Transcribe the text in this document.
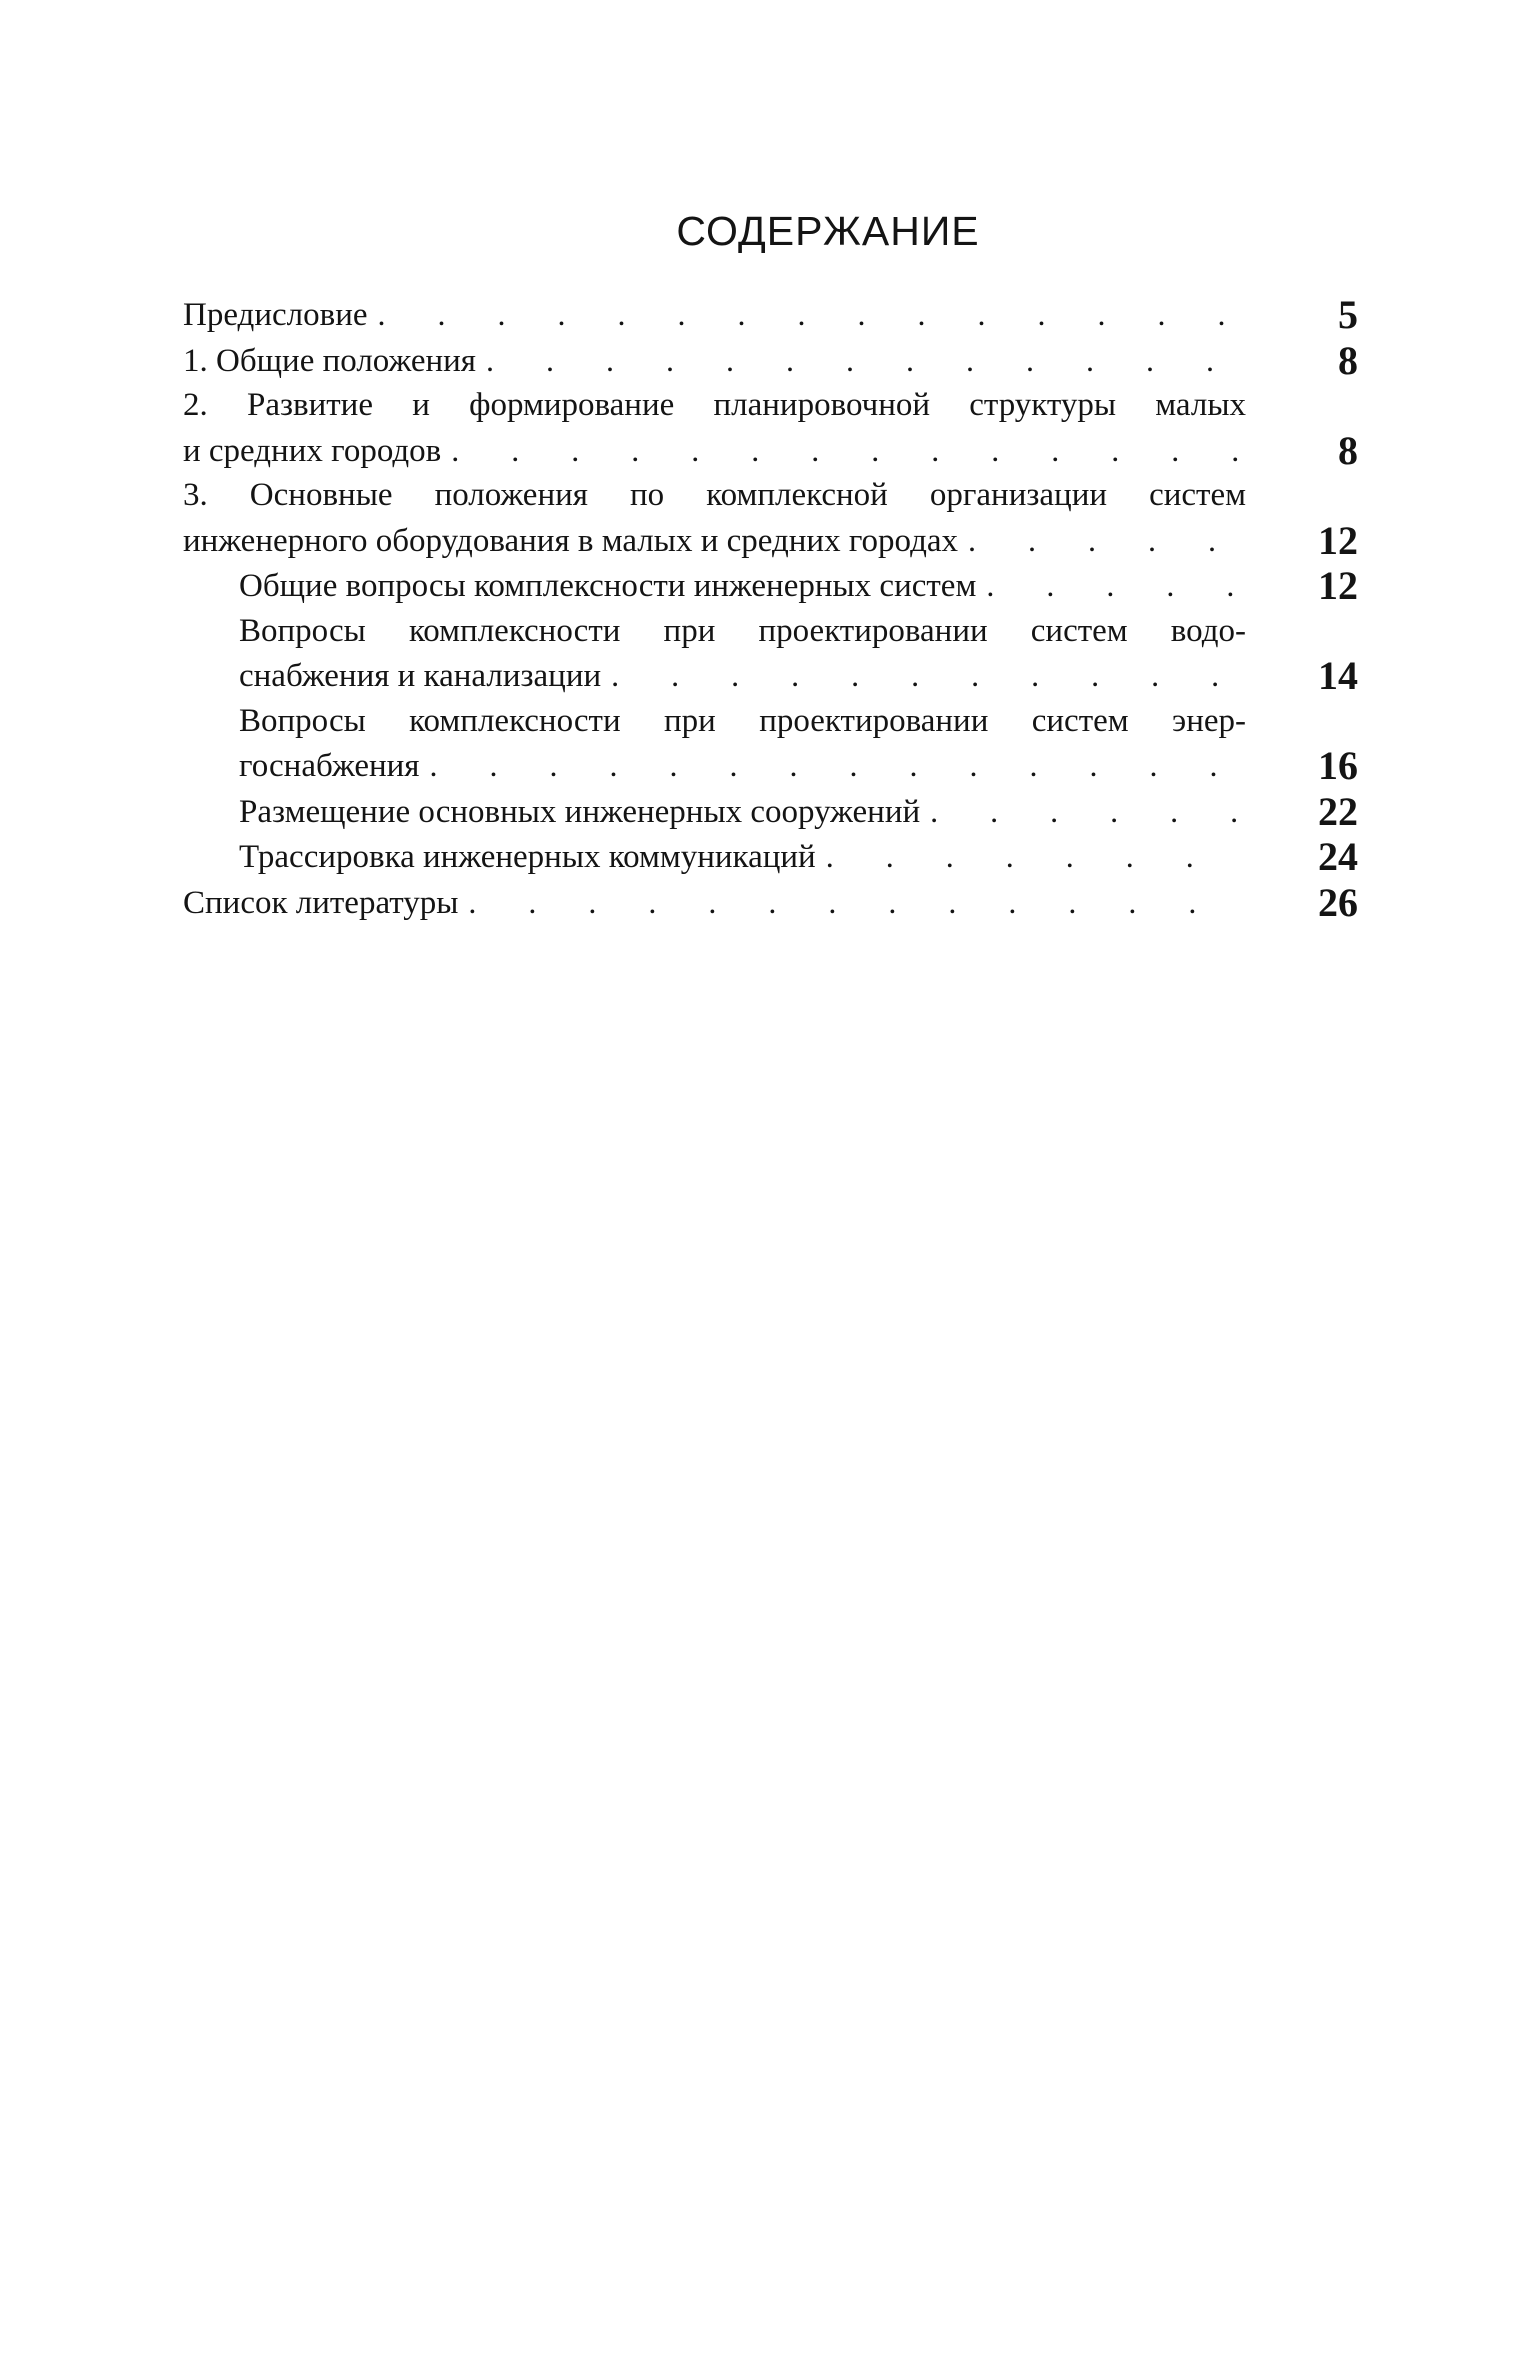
СОДЕРЖАНИЕ
Предисловие . . .	5
1. Общие положения . . .	8
2. Развитие и формирование планировочной структуры малых
и средних городов . . .	8
3. Основные положения по комплексной организации систем
инженерного оборудования в малых и средних городах . . .	12
Общие вопросы комплексности инженерных систем . . .	12
Вопросы комплексности при проектировании систем водо-
снабжения и канализации . . .	14
Вопросы комплексности при проектировании систем энер-
госнабжения . . .	16
Размещение основных инженерных сооружений . . .	22
Трассировка инженерных коммуникаций . . .	24
Список литературы . . .	26
